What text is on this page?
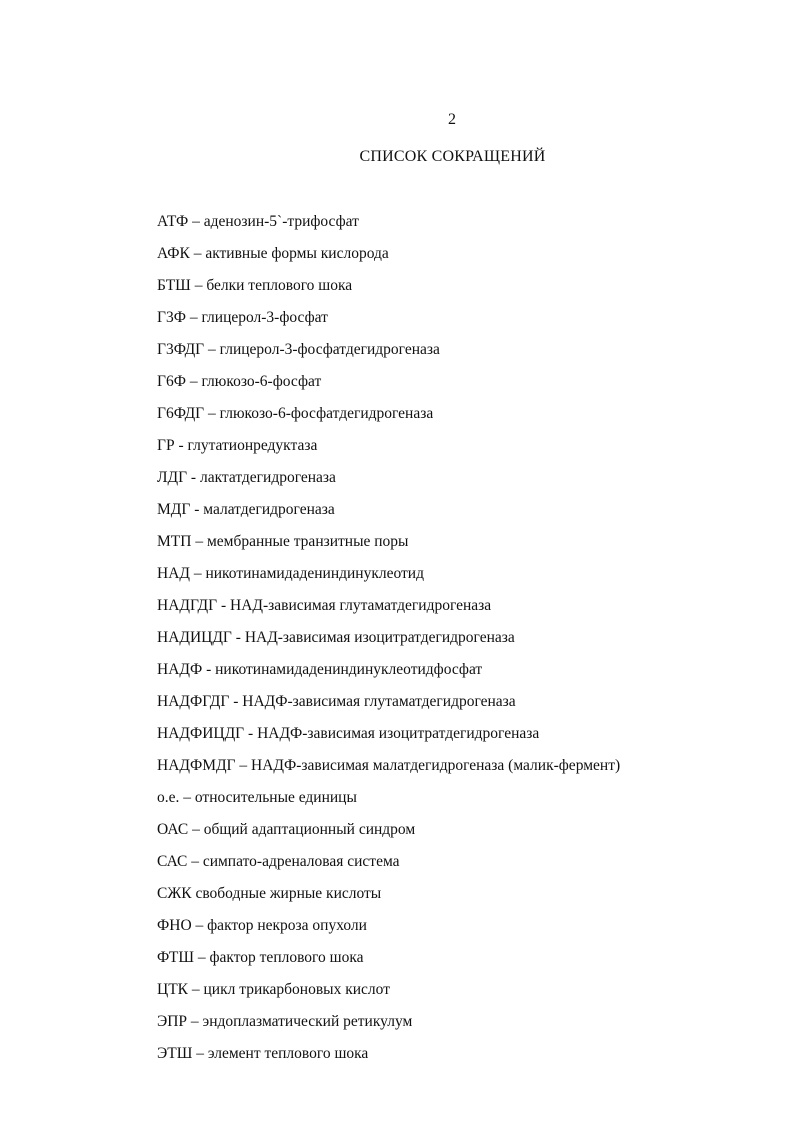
2
СПИСОК СОКРАЩЕНИЙ
АТФ – аденозин-5`-трифосфат
АФК – активные формы кислорода
БТШ – белки теплового шока
Г3Ф – глицерол-3-фосфат
Г3ФДГ – глицерол-3-фосфатдегидрогеназа
Г6Ф – глюкозо-6-фосфат
Г6ФДГ – глюкозо-6-фосфатдегидрогеназа
ГР - глутатионредуктаза
ЛДГ - лактатдегидрогеназа
МДГ - малатдегидрогеназа
МТП – мембранные транзитные поры
НАД – никотинамидадениндинуклеотид
НАДГДГ - НАД-зависимая глутаматдегидрогеназа
НАДИЦДГ - НАД-зависимая изоцитратдегидрогеназа
НАДФ - никотинамидадениндинуклеотидфосфат
НАДФГДГ - НАДФ-зависимая глутаматдегидрогеназа
НАДФИЦДГ - НАДФ-зависимая изоцитратдегидрогеназа
НАДФМДГ – НАДФ-зависимая малатдегидрогеназа (малик-фермент)
о.е. – относительные единицы
ОАС – общий адаптационный синдром
САС – симпато-адреналовая система
СЖК свободные жирные кислоты
ФНО – фактор некроза опухоли
ФТШ – фактор теплового шока
ЦТК – цикл трикарбоновых кислот
ЭПР – эндоплазматический ретикулум
ЭТШ – элемент теплового шока
